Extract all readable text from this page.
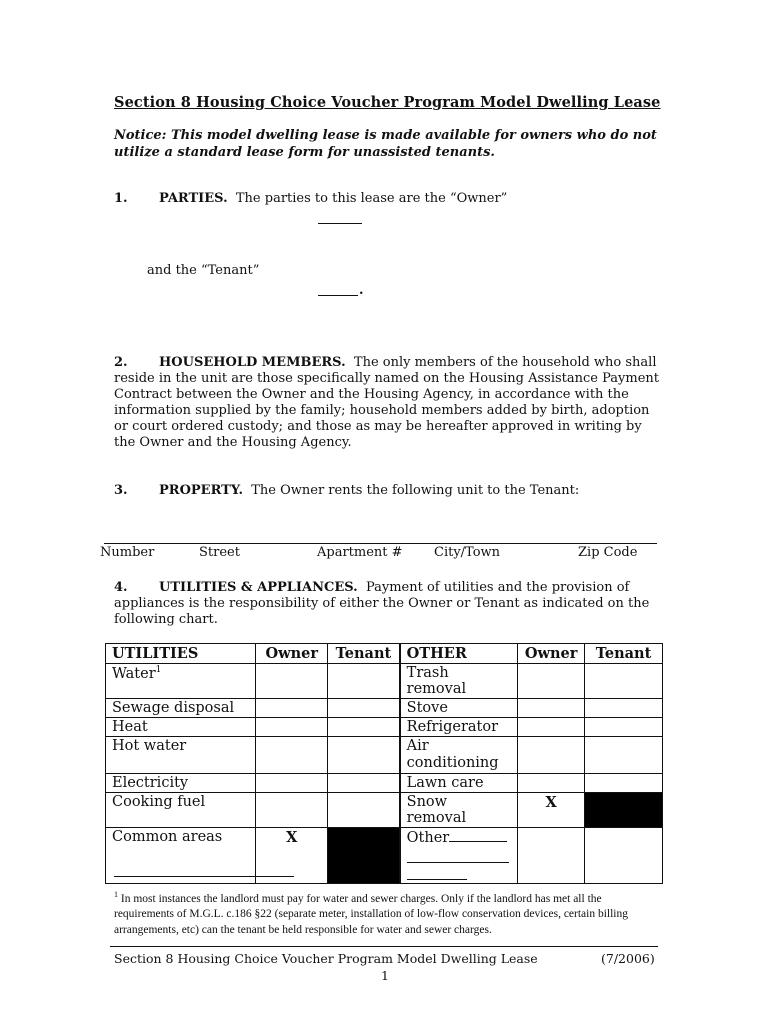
Section 8 Housing Choice Voucher Program Model Dwelling Lease
Notice: This model dwelling lease is made available for owners who do not utilize a standard lease form for unassisted tenants.
1. PARTIES. The parties to this lease are the “Owner”
and the “Tenant”
.
2. HOUSEHOLD MEMBERS. The only members of the household who shall reside in the unit are those specifically named on the Housing Assistance Payment Contract between the Owner and the Housing Agency, in accordance with the information supplied by the family; household members added by birth, adoption or court ordered custody; and those as may be hereafter approved in writing by the Owner and the Housing Agency.
3. PROPERTY. The Owner rents the following unit to the Tenant:
Number	Street	Apartment # City/Town	Zip Code
4. UTILITIES & APPLIANCES. Payment of utilities and the provision of appliances is the responsibility of either the Owner or Tenant as indicated on the following chart.
UTILITIES	Owner	Tenant	OTHER	Owner	Tenant
Water$^1$			Trash removal		
Sewage disposal			Stove		
Heat			Refrigerator		
Hot water			Air conditioning		
Electricity			Lawn care		
Cooking fuel			Snow removal	X	
Common areas	X		Other

$^1$ In most instances the landlord must pay for water and sewer charges. Only if the landlord has met all the requirements of M.G.L. c.186 §22 (separate meter, installation of low-flow conservation devices, certain billing arrangements, etc) can the tenant be held responsible for water and sewer charges.
Section 8 Housing Choice Voucher Program Model Dwelling Lease	(7/2006)
1
